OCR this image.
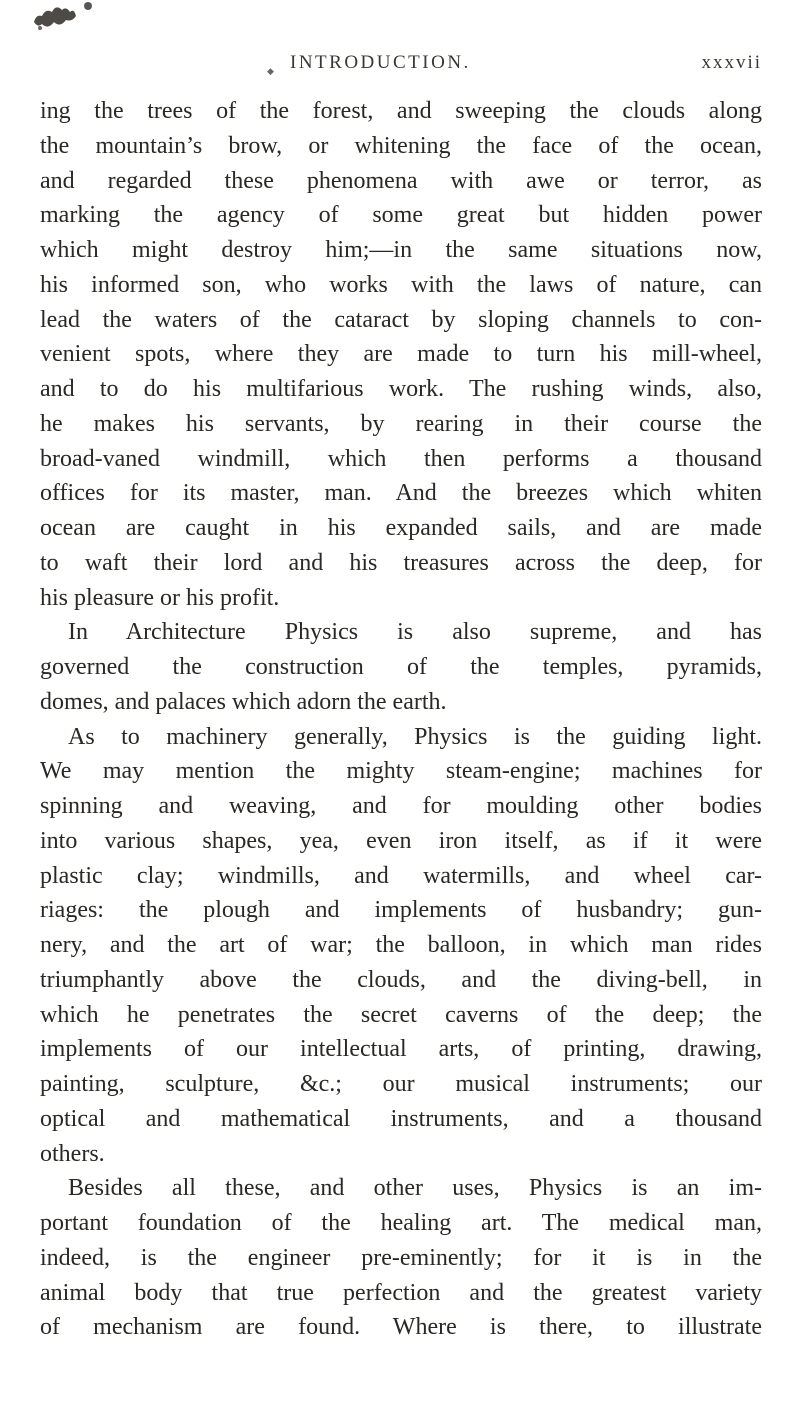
◆ INTRODUCTION.	xxxvii
ing the trees of the forest, and sweeping the clouds along
the mountain’s brow, or whitening the face of the ocean,
and regarded these phenomena with awe or terror, as
marking the agency of some great but hidden power
which might destroy him;—in the same situations now,
his informed son, who works with the laws of nature, can
lead the waters of the cataract by sloping channels to con-
venient spots, where they are made to turn his mill-wheel,
and to do his multifarious work. The rushing winds, also,
he makes his servants, by rearing in their course the
broad-vaned windmill, which then performs a thousand
offices for its master, man. And the breezes which whiten
ocean are caught in his expanded sails, and are made
to waft their lord and his treasures across the deep, for
his pleasure or his profit.
In Architecture Physics is also supreme, and has
governed the construction of the temples, pyramids,
domes, and palaces which adorn the earth.
As to machinery generally, Physics is the guiding light.
We may mention the mighty steam-engine; machines for
spinning and weaving, and for moulding other bodies
into various shapes, yea, even iron itself, as if it were
plastic clay; windmills, and watermills, and wheel car-
riages: the plough and implements of husbandry; gun-
nery, and the art of war; the balloon, in which man rides
triumphantly above the clouds, and the diving-bell, in
which he penetrates the secret caverns of the deep; the
implements of our intellectual arts, of printing, drawing,
painting, sculpture, &c.; our musical instruments; our
optical and mathematical instruments, and a thousand
others.
Besides all these, and other uses, Physics is an im-
portant foundation of the healing art. The medical man,
indeed, is the engineer pre-eminently; for it is in the
animal body that true perfection and the greatest variety
of mechanism are found. Where is there, to illustrate
